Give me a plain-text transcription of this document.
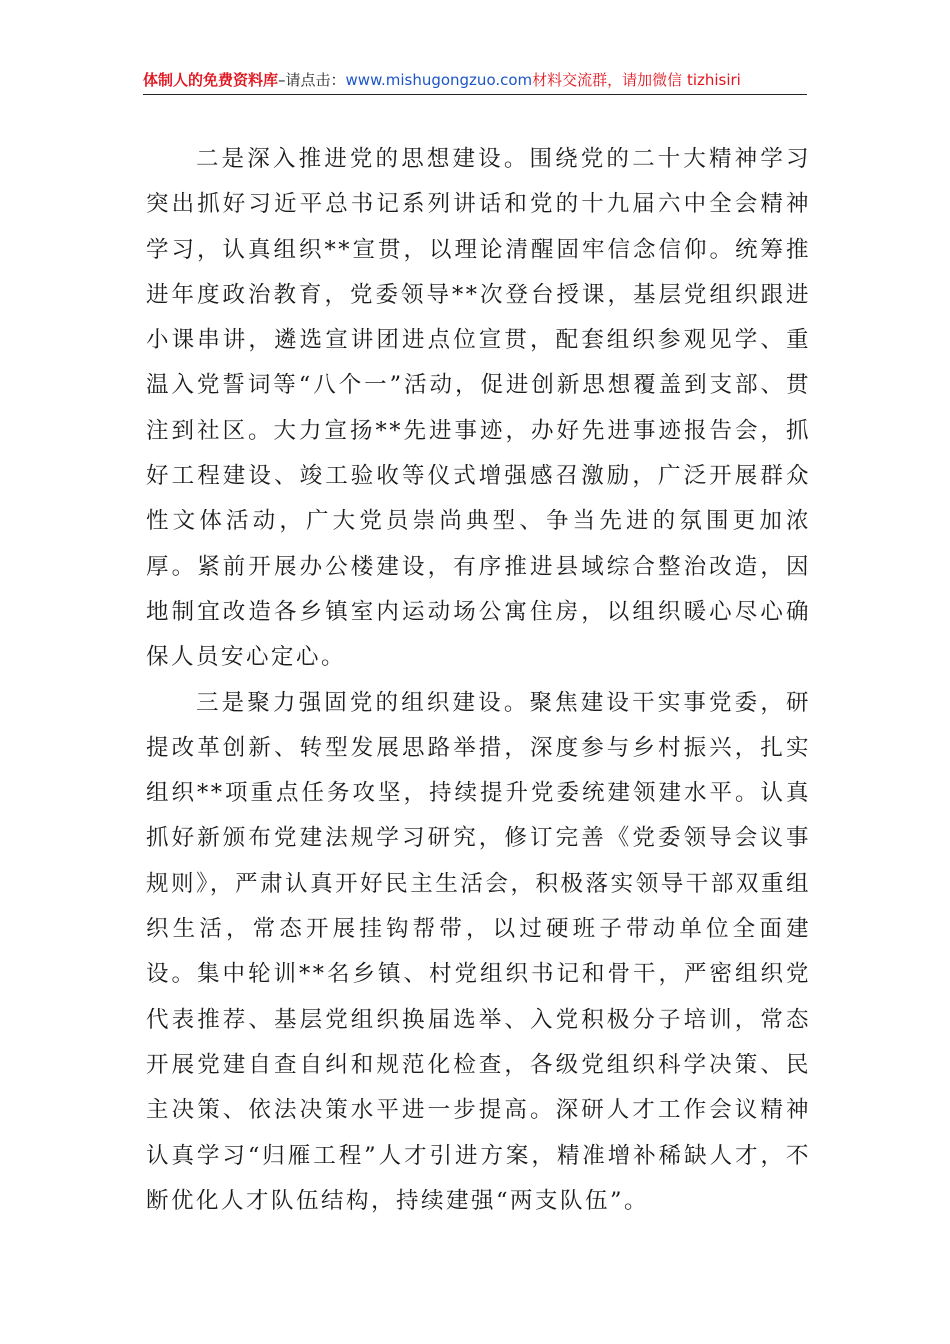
体制人的免费资料库–请点击：www.mishugongzuo.com材料交流群，请加微信 tizhisiri

二是深入推进党的思想建设。围绕党的二十大精神学习突出抓好习近平总书记系列讲话和党的十九届六中全会精神学习，认真组织**宣贯，以理论清醒固牢信念信仰。统筹推进年度政治教育，党委领导**次登台授课，基层党组织跟进小课串讲，遴选宣讲团进点位宣贯，配套组织参观见学、重温入党誓词等“八个一”活动，促进创新思想覆盖到支部、贯注到社区。大力宣扬**先进事迹，办好先进事迹报告会，抓好工程建设、竣工验收等仪式增强感召激励，广泛开展群众性文体活动，广大党员崇尚典型、争当先进的氛围更加浓厚。紧前开展办公楼建设，有序推进县域综合整治改造，因地制宜改造各乡镇室内运动场公寓住房，以组织暖心尽心确保人员安心定心。

三是聚力强固党的组织建设。聚焦建设干实事党委，研提改革创新、转型发展思路举措，深度参与乡村振兴，扎实组织**项重点任务攻坚，持续提升党委统建领建水平。认真抓好新颁布党建法规学习研究，修订完善《党委领导会议事规则》，严肃认真开好民主生活会，积极落实领导干部双重组织生活，常态开展挂钩帮带，以过硬班子带动单位全面建设。集中轮训**名乡镇、村党组织书记和骨干，严密组织党代表推荐、基层党组织换届选举、入党积极分子培训，常态开展党建自查自纠和规范化检查，各级党组织科学决策、民主决策、依法决策水平进一步提高。深研人才工作会议精神认真学习“归雁工程”人才引进方案，精准增补稀缺人才，不断优化人才队伍结构，持续建强“两支队伍”。
